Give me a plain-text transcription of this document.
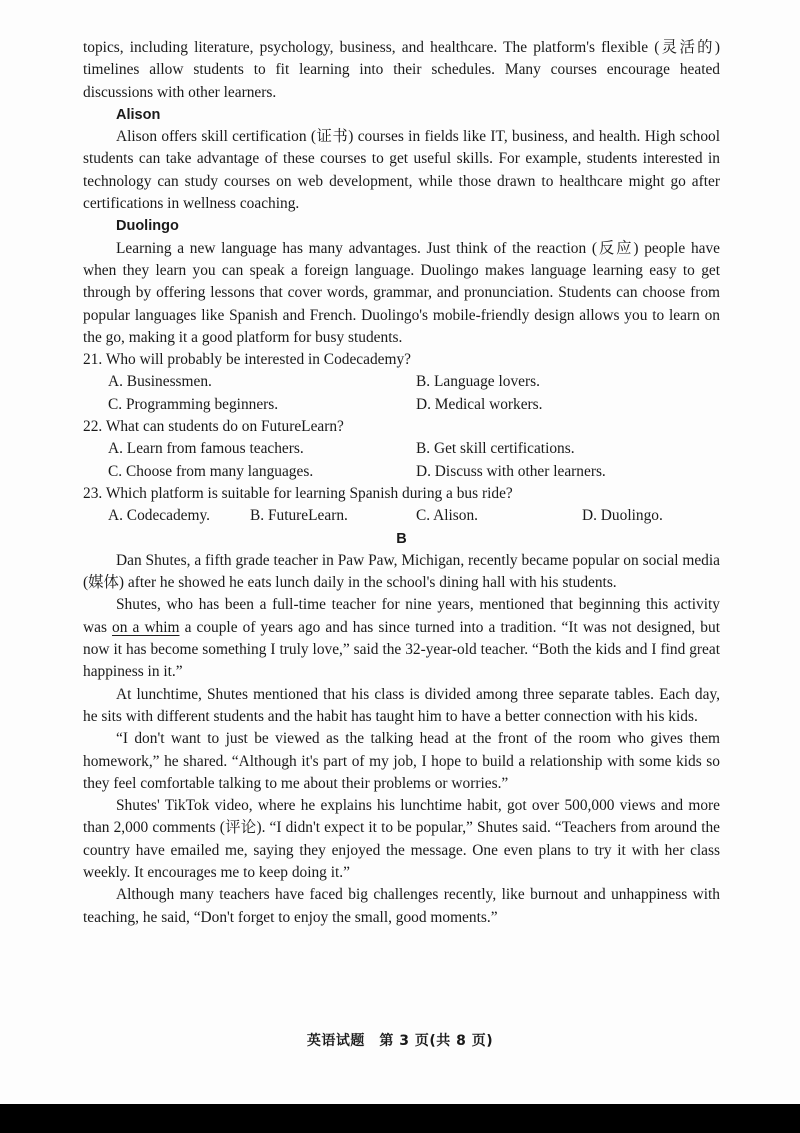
topics, including literature, psychology, business, and healthcare. The platform's flexible (灵活的) timelines allow students to fit learning into their schedules. Many courses encourage heated discussions with other learners.

Alison

Alison offers skill certification (证书) courses in fields like IT, business, and health. High school students can take advantage of these courses to get useful skills. For example, students interested in technology can study courses on web development, while those drawn to healthcare might go after certifications in wellness coaching.

Duolingo

Learning a new language has many advantages. Just think of the reaction (反应) people have when they learn you can speak a foreign language. Duolingo makes language learning easy to get through by offering lessons that cover words, grammar, and pronunciation. Students can choose from popular languages like Spanish and French. Duolingo's mobile-friendly design allows you to learn on the go, making it a good platform for busy students.

21. Who will probably be interested in Codecademy?
A. Businessmen.	B. Language lovers.
C. Programming beginners.	D. Medical workers.
22. What can students do on FutureLearn?
A. Learn from famous teachers.	B. Get skill certifications.
C. Choose from many languages.	D. Discuss with other learners.
23. Which platform is suitable for learning Spanish during a bus ride?
A. Codecademy.	B. FutureLearn.	C. Alison.	D. Duolingo.
B

Dan Shutes, a fifth grade teacher in Paw Paw, Michigan, recently became popular on social media (媒体) after he showed he eats lunch daily in the school's dining hall with his students.

Shutes, who has been a full-time teacher for nine years, mentioned that beginning this activity was on a whim a couple of years ago and has since turned into a tradition. “It was not designed, but now it has become something I truly love,” said the 32-year-old teacher. “Both the kids and I find great happiness in it.”

At lunchtime, Shutes mentioned that his class is divided among three separate tables. Each day, he sits with different students and the habit has taught him to have a better connection with his kids.

“I don't want to just be viewed as the talking head at the front of the room who gives them homework,” he shared. “Although it's part of my job, I hope to build a relationship with some kids so they feel comfortable talking to me about their problems or worries.”

Shutes' TikTok video, where he explains his lunchtime habit, got over 500,000 views and more than 2,000 comments (评论). “I didn't expect it to be popular,” Shutes said. “Teachers from around the country have emailed me, saying they enjoyed the message. One even plans to try it with her class weekly. It encourages me to keep doing it.”

Although many teachers have faced big challenges recently, like burnout and unhappiness with teaching, he said, “Don't forget to enjoy the small, good moments.”

英语试题　第 3 页(共 8 页)
